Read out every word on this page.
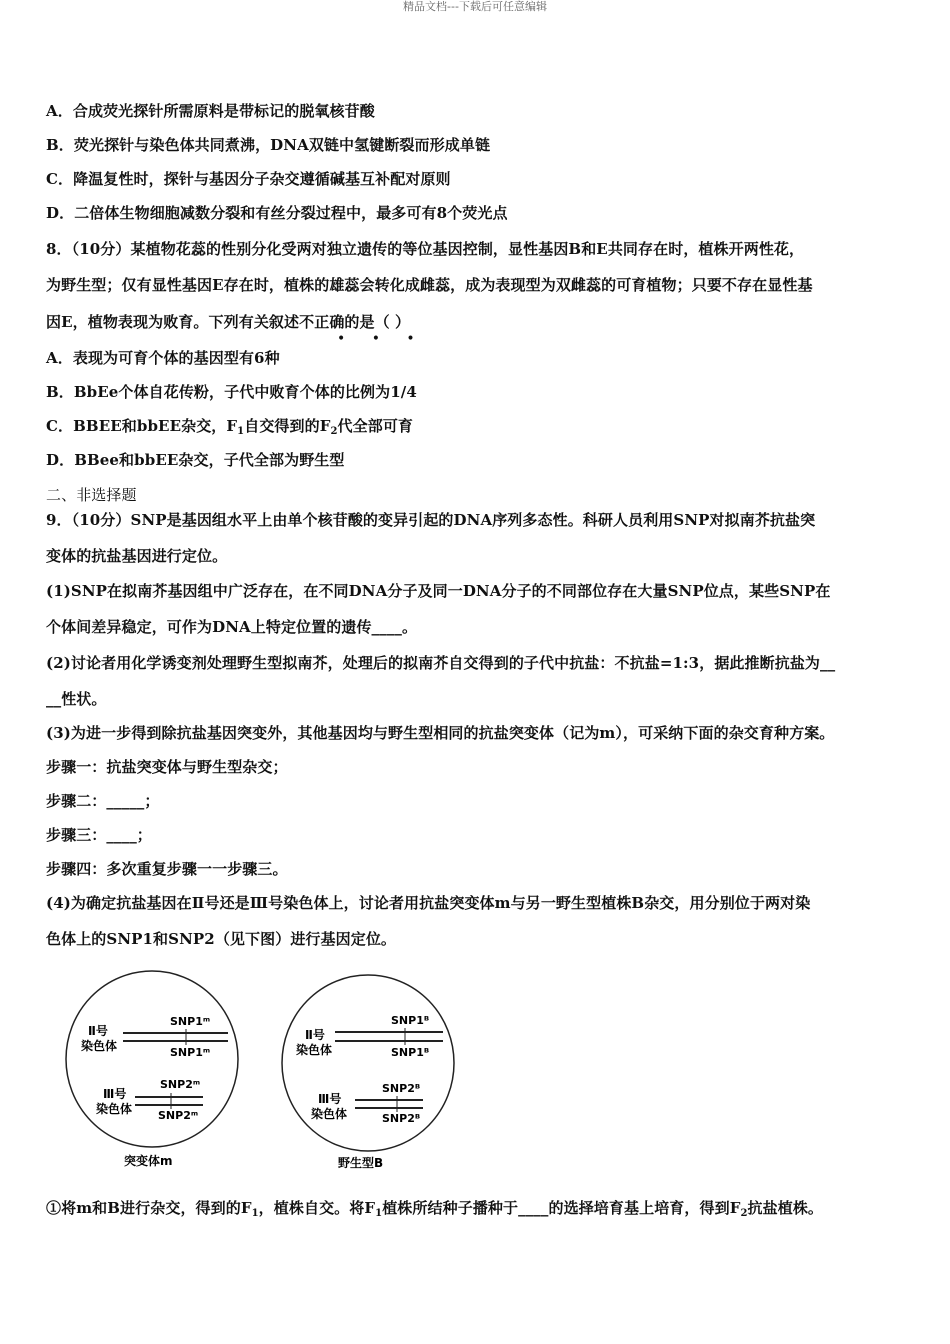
精品文档---下载后可任意编辑
A．合成荧光探针所需原料是带标记的脱氧核苷酸
B．荧光探针与染色体共同煮沸，DNA双链中氢键断裂而形成单链
C．降温复性时，探针与基因分子杂交遵循碱基互补配对原则
D．二倍体生物细胞减数分裂和有丝分裂过程中，最多可有8个荧光点
8．（10分）某植物花蕊的性别分化受两对独立遗传的等位基因控制，显性基因B和E共同存在时，植株开两性花，
为野生型；仅有显性基因E存在时，植株的雄蕊会转化成雌蕊，成为表现型为双雌蕊的可育植物；只要不存在显性基
因E，植物表现为败育。下列有关叙述不正确的是（ ）
• • •
A．表现为可育个体的基因型有6种
B．BbEe个体自花传粉，子代中败育个体的比例为1/4
C．BBEE和bbEE杂交，$F_1$自交得到的$F_2$代全部可育
D．BBee和bbEE杂交，子代全部为野生型
二、非选择题
9．（10分）SNP是基因组水平上由单个核苷酸的变异引起的DNA序列多态性。科研人员利用SNP对拟南芥抗盐突
变体的抗盐基因进行定位。
(1)SNP在拟南芥基因组中广泛存在，在不同DNA分子及同一DNA分子的不同部位存在大量SNP位点，某些SNP在
个体间差异稳定，可作为DNA上特定位置的遗传____。
(2)讨论者用化学诱变剂处理野生型拟南芥，处理后的拟南芥自交得到的子代中抗盐：不抗盐=1:3，据此推断抗盐为__
__性状。
(3)为进一步得到除抗盐基因突变外，其他基因均与野生型相同的抗盐突变体（记为m），可采纳下面的杂交育种方案。
步骤一：抗盐突变体与野生型杂交；
步骤二：_____；
步骤三：____；
步骤四：多次重复步骤一一步骤三。
(4)为确定抗盐基因在Ⅱ号还是Ⅲ号染色体上，讨论者用抗盐突变体m与另一野生型植株B杂交，用分别位于两对染
色体上的SNP1和SNP2（见下图）进行基因定位。
Ⅱ号
染色体
SNP1ᵐ
SNP1ᵐ
Ⅲ号
染色体
SNP2ᵐ
SNP2ᵐ
突变体m
Ⅱ号
染色体
SNP1ᴮ
SNP1ᴮ
Ⅲ号
染色体
SNP2ᴮ
SNP2ᴮ
野生型B
①将m和B进行杂交，得到的$F_1$，植株自交。将$F_1$植株所结种子播种于____的选择培育基上培育，得到$F_2$抗盐植株。
